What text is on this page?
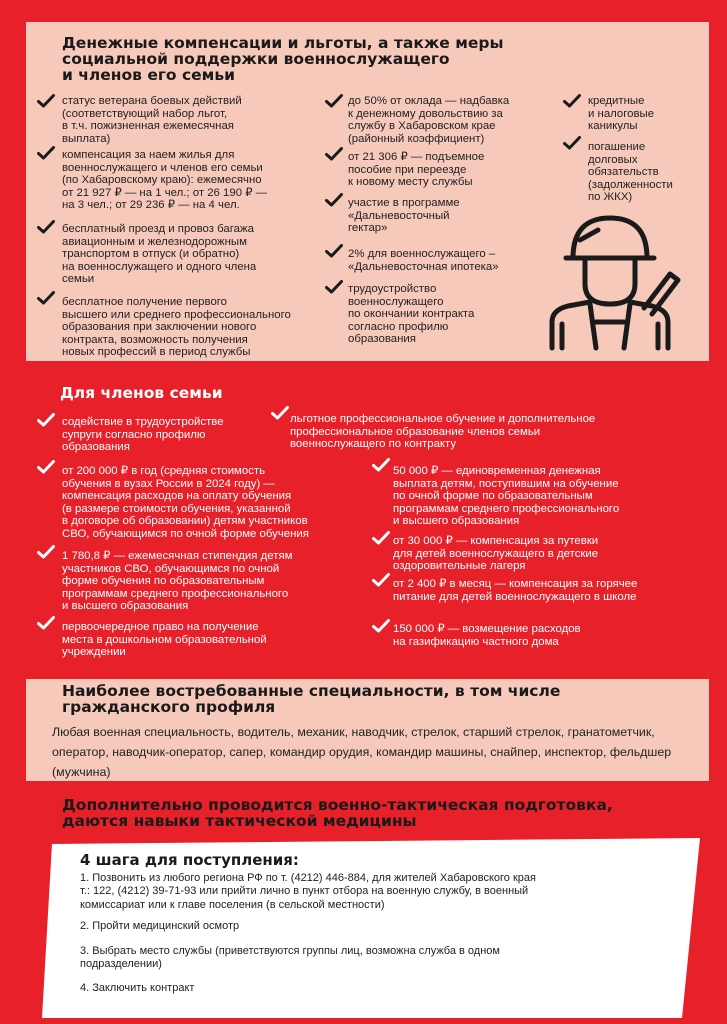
Денежные компенсации и льготы, а также меры
социальной поддержки военнослужащего
и членов его семьи
статус ветерана боевых действий
(соответствующий набор льгот,
в т.ч. пожизненная ежемесячная
выплата)
компенсация за наем жилья для
военнослужащего и членов его семьи
(по Хабаровскому краю): ежемесячно
от 21 927 ₽ — на 1 чел.; от 26 190 ₽ —
на 3 чел.; от 29 236 ₽ — на 4 чел.
бесплатный проезд и провоз багажа
авиационным и железнодорожным
транспортом в отпуск (и обратно)
на военнослужащего и одного члена
семьи
бесплатное получение первого
высшего или среднего профессионального
образования при заключении нового
контракта, возможность получения
новых профессий в период службы
до 50% от оклада — надбавка
к денежному довольствию за
службу в Хабаровском крае
(районный коэффициент)
от 21 306 ₽ — подъемное
пособие при переезде
к новому месту службы
участие в программе
«Дальневосточный
гектар»
2% для военнослужащего –
«Дальневосточная ипотека»
трудоустройство
военнослужащего
по окончании контракта
согласно профилю
образования
кредитные
и налоговые
каникулы
погашение
долговых
обязательств
(задолженности
по ЖКХ)
Для членов семьи
содействие в трудоустройстве
супруги согласно профилю
образования
от 200 000 ₽ в год (средняя стоимость
обучения в вузах России в 2024 году) —
компенсация расходов на оплату обучения
(в размере стоимости обучения, указанной
в договоре об образовании) детям участников
СВО, обучающимся по очной форме обучения
1 780,8 ₽ — ежемесячная стипендия детям
участников СВО, обучающимся по очной
форме обучения по образовательным
программам среднего профессионального
и высшего образования
первоочередное право на получение
места в дошкольном образовательной
учреждении
льготное профессиональное обучение и дополнительное
профессиональное образование членов семьи
военнослужащего по контракту
50 000 ₽ — единовременная денежная
выплата детям, поступившим на обучение
по очной форме по образовательным
программам среднего профессионального
и высшего образования
от 30 000 ₽ — компенсация за путевки
для детей военнослужащего в детские
оздоровительные лагеря
от 2 400 ₽ в месяц — компенсация за горячее
питание для детей военнослужащего в школе
150 000 ₽ — возмещение расходов
на газификацию частного дома
Наиболее востребованные специальности, в том числе
гражданского профиля
Любая военная специальность, водитель, механик, наводчик, стрелок, старший стрелок, гранатометчик, оператор, наводчик-оператор, сапер, командир орудия, командир машины, снайпер, инспектор, фельдшер (мужчина)
Дополнительно проводится военно-тактическая подготовка,
даются навыки тактической медицины
4 шага для поступления:
1. Позвонить из любого региона РФ по т. (4212) 446-884, для жителей Хабаровского края
т.: 122, (4212) 39-71-93 или прийти лично в пункт отбора на военную службу, в военный
комиссариат или к главе поселения (в сельской местности)
2. Пройти медицинский осмотр
3. Выбрать место службы (приветствуются группы лиц, возможна служба в одном
подразделении)
4. Заключить контракт
